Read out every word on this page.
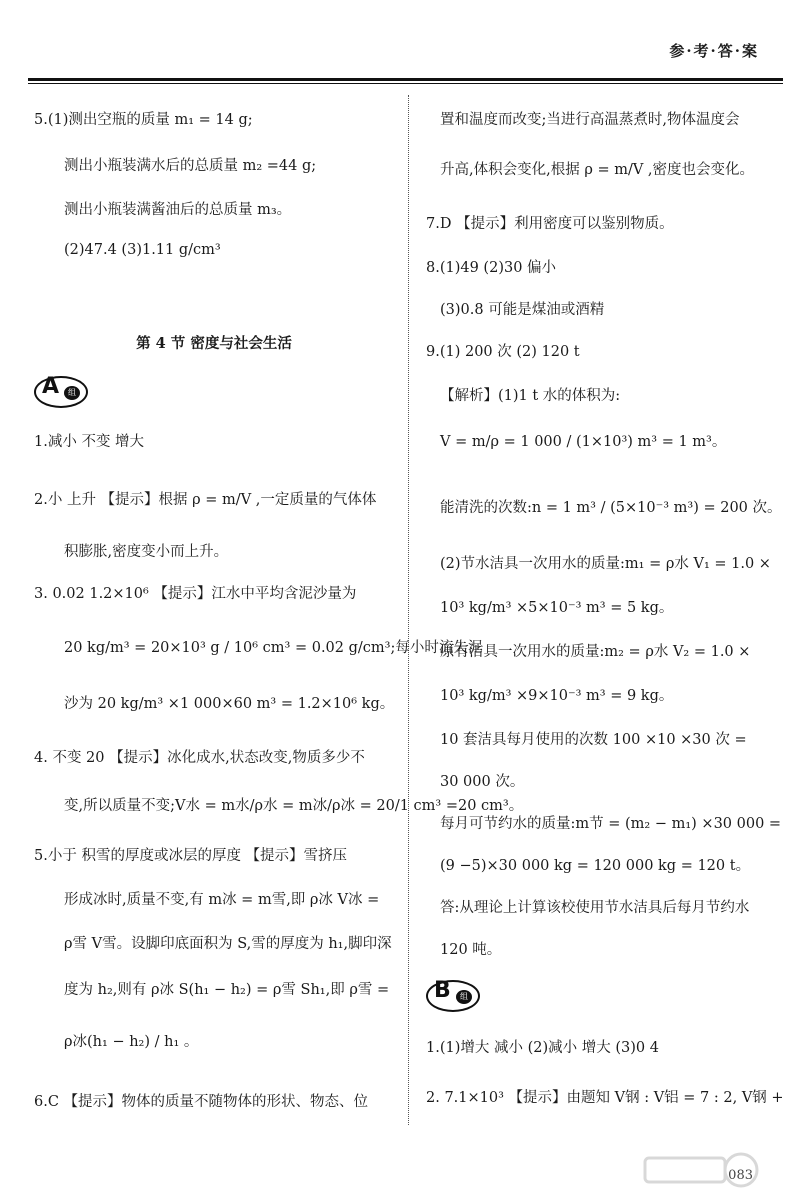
参·考·答·案
5.(1)测出空瓶的质量 m₁ = 14 g;
测出小瓶装满水后的总质量 m₂ =44 g;
测出小瓶装满酱油后的总质量 m₃。
(2)47.4 (3)1.11 g/cm³
第 4 节 密度与社会生活
A	组
1.减小 不变 增大
2.小 上升 【提示】根据 ρ = m/V ,一定质量的气体体
积膨胀,密度变小而上升。
3. 0.02 1.2×10⁶ 【提示】江水中平均含泥沙量为
20 kg/m³ = 20×10³ g / 10⁶ cm³ = 0.02 g/cm³;每小时流失泥
沙为 20 kg/m³ ×1 000×60 m³ = 1.2×10⁶ kg。
4. 不变 20 【提示】冰化成水,状态改变,物质多少不
变,所以质量不变;V水 = m水/ρ水 = m冰/ρ冰 = 20/1 cm³ =20 cm³。
5.小于 积雪的厚度或冰层的厚度 【提示】雪挤压
形成冰时,质量不变,有 m冰 = m雪,即 ρ冰 V冰 =
ρ雪 V雪。设脚印底面积为 S,雪的厚度为 h₁,脚印深
度为 h₂,则有 ρ冰 S(h₁ − h₂) = ρ雪 Sh₁,即 ρ雪 =
ρ冰(h₁ − h₂) / h₁ 。
6.C 【提示】物体的质量不随物体的形状、物态、位
置和温度而改变;当进行高温蒸煮时,物体温度会
升高,体积会变化,根据 ρ = m/V ,密度也会变化。
7.D 【提示】利用密度可以鉴别物质。
8.(1)49 (2)30 偏小
(3)0.8 可能是煤油或酒精
9.(1) 200 次 (2) 120 t
【解析】(1)1 t 水的体积为:
V = m/ρ = 1 000 / (1×10³) m³ = 1 m³。
能清洗的次数:n = 1 m³ / (5×10⁻³ m³) = 200 次。
(2)节水洁具一次用水的质量:m₁ = ρ水 V₁ = 1.0 ×
10³ kg/m³ ×5×10⁻³ m³ = 5 kg。
原有洁具一次用水的质量:m₂ = ρ水 V₂ = 1.0 ×
10³ kg/m³ ×9×10⁻³ m³ = 9 kg。
10 套洁具每月使用的次数 100 ×10 ×30 次 =
30 000 次。
每月可节约水的质量:m节 = (m₂ − m₁) ×30 000 =
(9 −5)×30 000 kg = 120 000 kg = 120 t。
答:从理论上计算该校使用节水洁具后每月节约水
120 吨。
B	组
1.(1)增大 减小 (2)减小 增大 (3)0 4
2. 7.1×10³ 【提示】由题知 V钢 : V铝 = 7 : 2, V钢 +
083
